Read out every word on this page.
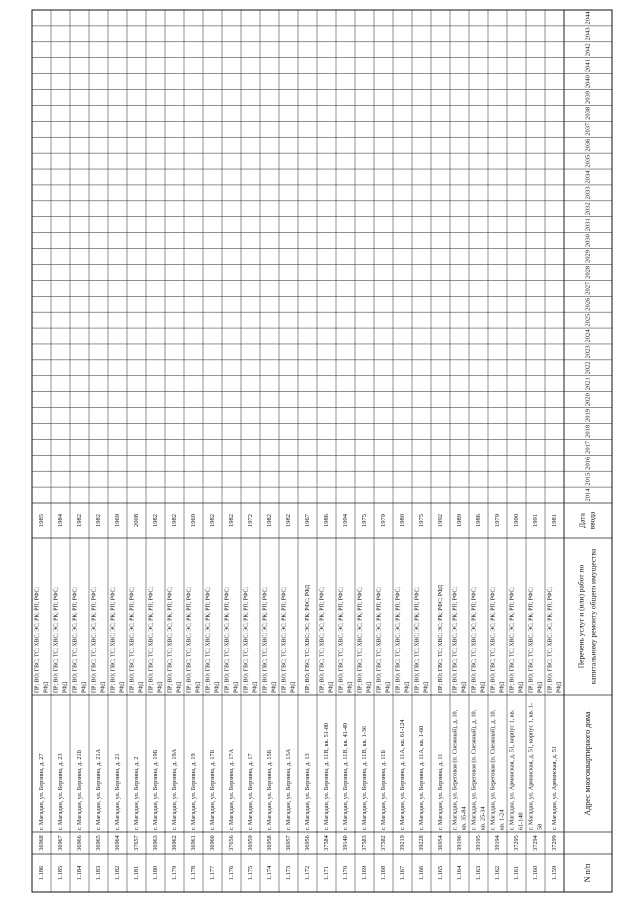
N п/п
Адрес многоквартирного дома
Перечень услуг и (или) работ по капитальному ремонту общего имущества
Дата ввода
2014
2015
2016
2017
2018
2019
2020
2021
2022
2023
2024
2025
2026
2027
2028
2029
2030
2031
2032
2033
2034
2035
2036
2037
2038
2039
2040
2041
2042
2043
2044
1.159
37299
г. Магадан, ул. Арманская, д. 51
ПР; ВО; ГВС; ТС; ХВС; ЭС; РК; РП; РФС; РФД
1981
1.160
37294
г. Магадан, ул. Арманская, д. 51, корпус 1, кв. 1- 58
ПР; ВО; ГВС; ТС; ХВС; ЭС; РК; РП; РФС; РФД
1991
1.161
37295
г. Магадан, ул. Арманская, д. 51, корпус 1, кв. 61-140
ПР; ВО; ГВС; ТС; ХВС; ЭС; РК; РП; РФС; РФД
1990
1.162
39194
г. Магадан, ул. Береговая (п. Снежный), д. 10, кв. 1-24
ПР; ВО; ГВС; ТС; ХВС; ЭС; РК; РП; РФС; РФД
1979
1.163
39195
г. Магадан, ул. Береговая (п. Снежный), д. 10, кв. 25-34
ПР; ВО; ГВС; ТС; ХВС; ЭС; РК; РП; РФС; РФД
1986
1.164
39196
г. Магадан, ул. Береговая (п. Снежный), д. 10, кв. 35-84
ПР; ВО; ГВС; ТС; ХВС; ЭС; РК; РП; РФС; РФД
1989
1.165
36954
г. Магадан, ул. Берзина, д. 11
ПР; ВО; ГВС; ТС; ХВС; ЭС; РК; РФС; РФД
1992
1.166
39228
г. Магадан, ул. Берзина, д. 11А, кв. 1-60
ПР; ВО; ГВС; ТС; ХВС; ЭС; РК; РП; РФС; РФД
1975
1.167
39219
г. Магадан, ул. Берзина, д. 11А, кв. 61-124
ПР; ВО; ГВС; ТС; ХВС; ЭС; РК; РП; РФС; РФД
1980
1.168
37582
г. Магадан, ул. Берзина, д. 11Б
ПР; ВО; ГВС; ТС; ХВС; ЭС; РК; РП; РФС; РФД
1979
1.169
37583
г. Магадан, ул. Берзина, д. 11В, кв. 1-36
ПР; ВО; ГВС; ТС; ХВС; ЭС; РК; РП; РФС; РФД
1975
1.170
39140
г. Магадан, ул. Берзина, д. 11В, кв. 41-49
ПР; ВО; ГВС; ТС; ХВС; ЭС; РК; РП; РФС; РФД
1994
1.171
37584
г. Магадан, ул. Берзина, д. 11В, кв. 51-80
ПР; ВО; ГВС; ТС; ХВС; ЭС; РК; РП; РФС; РФД
1986
1.172
36956
г. Магадан, ул. Берзина, д. 13
ПР; ВО; ГВС; ТС; ХВС; ЭС; РК; РФС; РФД
1967
1.173
36957
г. Магадан, ул. Берзина, д. 13А
ПР; ВО; ГВС; ТС; ХВС; ЭС; РК; РП; РФС; РФД
1982
1.174
36958
г. Магадан, ул. Берзина, д. 15Б
ПР; ВО; ГВС; ТС; ХВС; ЭС; РК; РП; РФС; РФД
1982
1.175
36959
г. Магадан, ул. Берзина, д. 17
ПР; ВО; ГВС; ТС; ХВС; ЭС; РК; РП; РФС; РФД
1972
1.176
37656
г. Магадан, ул. Берзина, д. 17А
ПР; ВО; ГВС; ТС; ХВС; ЭС; РК; РП; РФС; РФД
1982
1.177
36960
г. Магадан, ул. Берзина, д. 17Б
ПР; ВО; ГВС; ТС; ХВС; ЭС; РК; РП; РФС; РФД
1982
1.178
36961
г. Магадан, ул. Берзина, д. 19
ПР; ВО; ГВС; ТС; ХВС; ЭС; РК; РП; РФС; РФД
1969
1.179
36962
г. Магадан, ул. Берзина, д. 19А
ПР; ВО; ГВС; ТС; ХВС; ЭС; РК; РП; РФС; РФД
1982
1.180
36963
г. Магадан, ул. Берзина, д. 19Б
ПР; ВО; ГВС; ТС; ХВС; ЭС; РК; РП; РФС; РФД
1982
1.181
37657
г. Магадан, ул. Берзина, д. 2
ПР; ВО; ГВС; ТС; ХВС; ЭС; РК; РП; РФС; РФД
2008
1.182
36964
г. Магадан, ул. Берзина, д. 21
ПР; ВО; ГВС; ТС; ХВС; ЭС; РК; РП; РФС; РФД
1969
1.183
36965
г. Магадан, ул. Берзина, д. 21А
ПР; ВО; ГВС; ТС; ХВС; ЭС; РК; РП; РФС; РФД
1982
1.184
36966
г. Магадан, ул. Берзина, д. 21Б
ПР; ВО; ГВС; ТС; ХВС; ЭС; РК; РП; РФС; РФД
1982
1.185
36967
г. Магадан, ул. Берзина, д. 23
ПР; ВО; ГВС; ТС; ХВС; ЭС; РК; РП; РФС; РФД
1984
1.186
36968
г. Магадан, ул. Берзина, д. 27
ПР; ВО; ГВС; ТС; ХВС; ЭС; РК; РП; РФС; РФД
1985
